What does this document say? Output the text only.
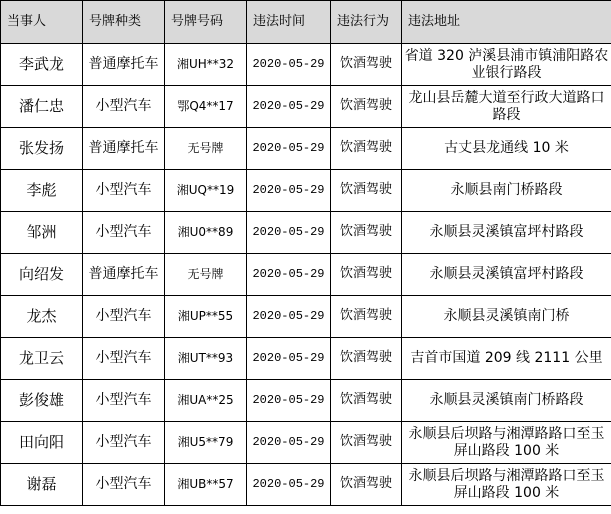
当事人	号牌种类	号牌号码	违法时间	违法行为	违法地址
李武龙	普通摩托车	湘UH**32	2020-05-29	饮酒驾驶	省道 320 泸溪县浦市镇浦阳路农业银行路段
潘仁忠	小型汽车	鄂Q4**17	2020-05-29	饮酒驾驶	龙山县岳麓大道至行政大道路口路段
张发扬	普通摩托车	无号牌	2020-05-29	饮酒驾驶	古丈县龙通线 10 米
李彪	小型汽车	湘UQ**19	2020-05-29	饮酒驾驶	永顺县南门桥路段
邹洲	小型汽车	湘U0**89	2020-05-29	饮酒驾驶	永顺县灵溪镇富坪村路段
向绍发	普通摩托车	无号牌	2020-05-29	饮酒驾驶	永顺县灵溪镇富坪村路段
龙杰	小型汽车	湘UP**55	2020-05-29	饮酒驾驶	永顺县灵溪镇南门桥
龙卫云	小型汽车	湘UT**93	2020-05-29	饮酒驾驶	吉首市国道 209 线 2111 公里
彭俊雄	小型汽车	湘UA**25	2020-05-29	饮酒驾驶	永顺县灵溪镇南门桥路段
田向阳	小型汽车	湘U5**79	2020-05-29	饮酒驾驶	永顺县后坝路与湘潭路路口至玉屏山路段 100 米
谢磊	小型汽车	湘UB**57	2020-05-29	饮酒驾驶	永顺县后坝路与湘潭路路口至玉屏山路段 100 米
